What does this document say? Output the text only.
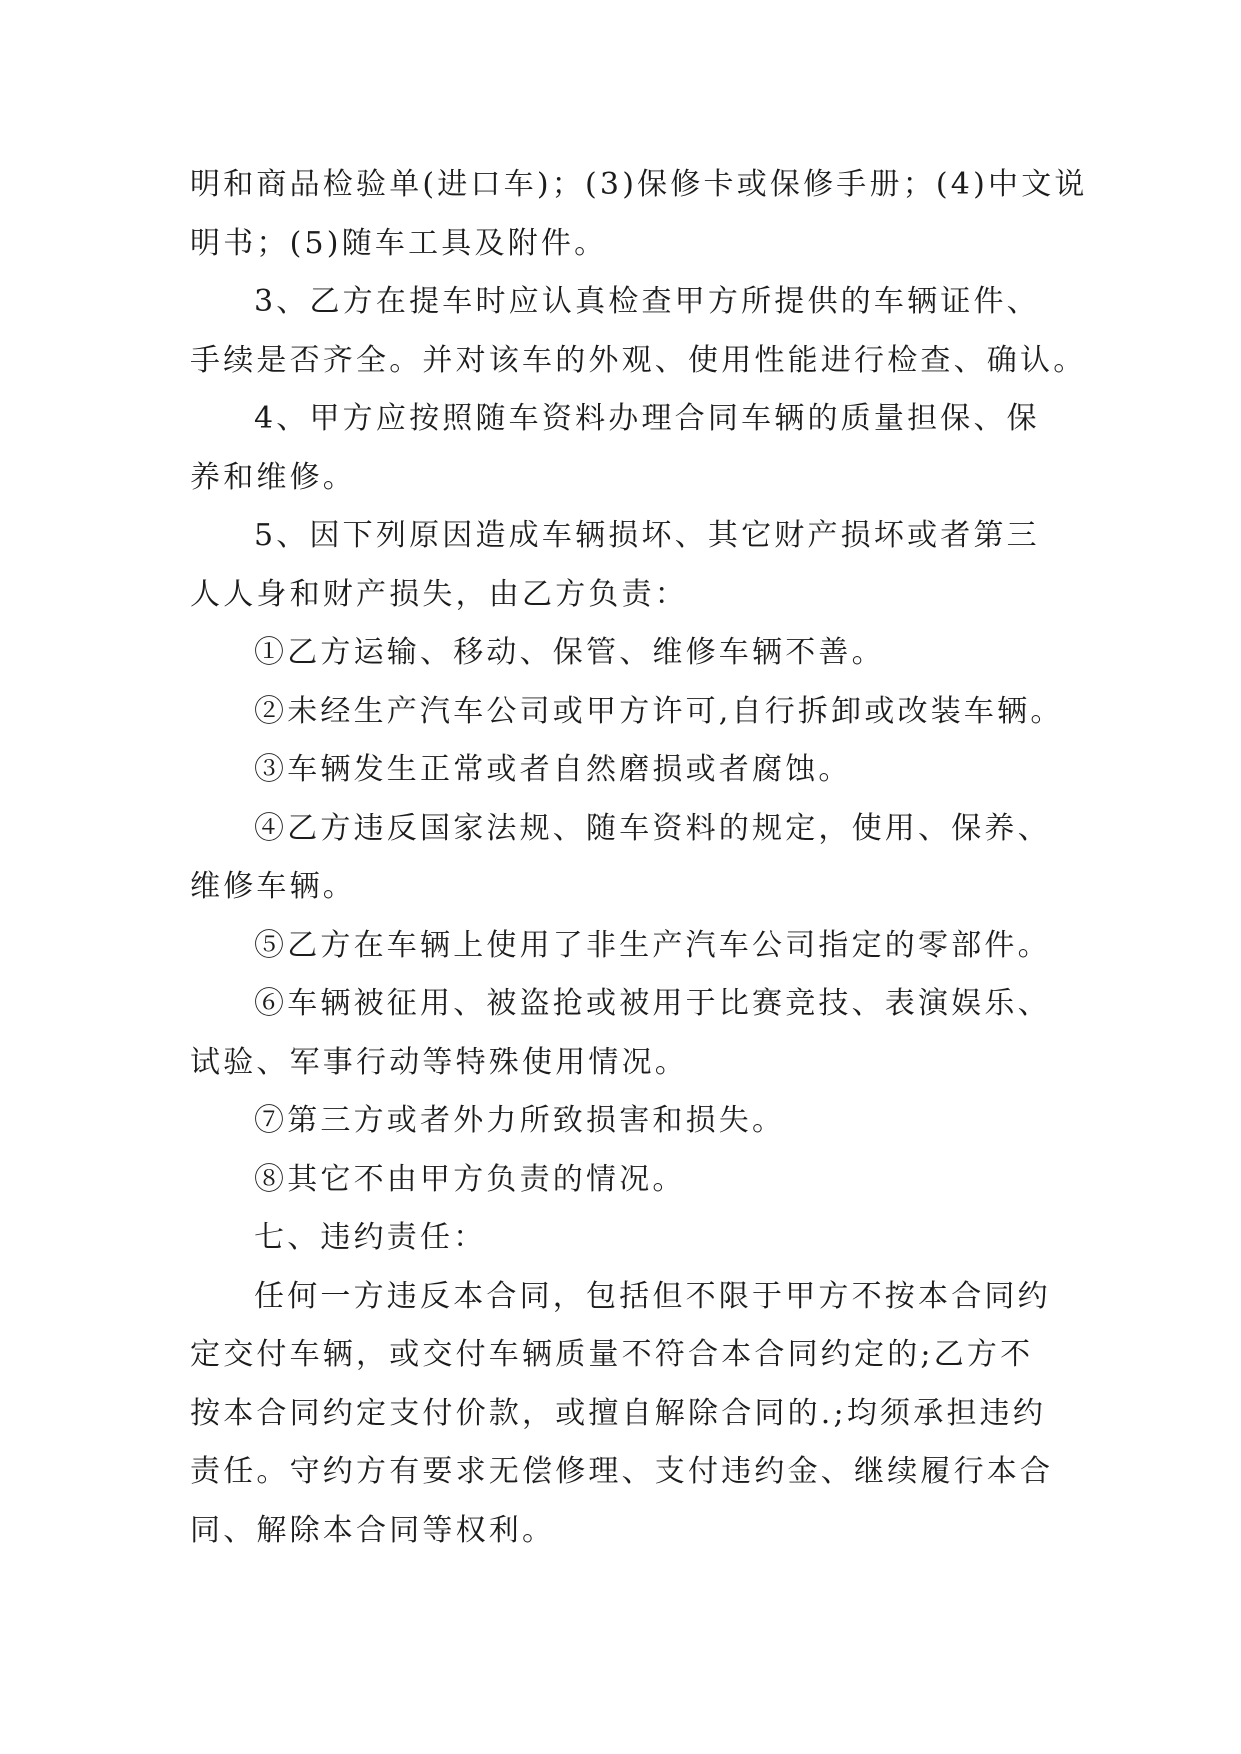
明和商品检验单(进口车)；(3)保修卡或保修手册；(4)中文说
明书；(5)随车工具及附件。
3、乙方在提车时应认真检查甲方所提供的车辆证件、
手续是否齐全。并对该车的外观、使用性能进行检查、确认。
4、甲方应按照随车资料办理合同车辆的质量担保、保
养和维修。
5、因下列原因造成车辆损坏、其它财产损坏或者第三
人人身和财产损失，由乙方负责：
①乙方运输、移动、保管、维修车辆不善。
②未经生产汽车公司或甲方许可,自行拆卸或改装车辆。
③车辆发生正常或者自然磨损或者腐蚀。
④乙方违反国家法规、随车资料的规定，使用、保养、
维修车辆。
⑤乙方在车辆上使用了非生产汽车公司指定的零部件。
⑥车辆被征用、被盗抢或被用于比赛竞技、表演娱乐、
试验、军事行动等特殊使用情况。
⑦第三方或者外力所致损害和损失。
⑧其它不由甲方负责的情况。
七、违约责任：
任何一方违反本合同，包括但不限于甲方不按本合同约
定交付车辆，或交付车辆质量不符合本合同约定的;乙方不
按本合同约定支付价款，或擅自解除合同的.;均须承担违约
责任。守约方有要求无偿修理、支付违约金、继续履行本合
同、解除本合同等权利。
